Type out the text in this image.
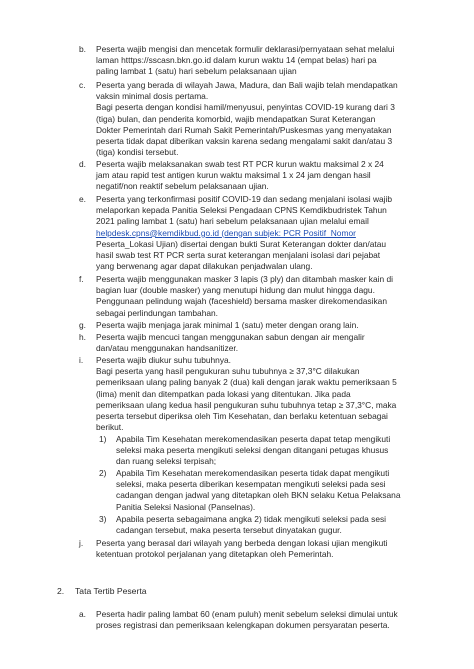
b. Peserta wajib mengisi dan mencetak formulir deklarasi/pernyataan sehat melalui
laman htttps://sscasn.bkn.go.id dalam kurun waktu 14 (empat belas) hari pa
paling lambat 1 (satu) hari sebelum pelaksanaan ujian
c. Peserta yang berada di wilayah Jawa, Madura, dan Bali wajib telah mendapatkan
vaksin minimal dosis pertama.
Bagi peserta dengan kondisi hamil/menyusui, penyintas COVID-19 kurang dari 3
(tiga) bulan, dan penderita komorbid, wajib mendapatkan Surat Keterangan
Dokter Pemerintah dari Rumah Sakit Pemerintah/Puskesmas yang menyatakan
peserta tidak dapat diberikan vaksin karena sedang mengalami sakit dan/atau 3
(tiga) kondisi tersebut.
d. Peserta wajib melaksanakan swab test RT PCR kurun waktu maksimal 2 x 24
jam atau rapid test antigen kurun waktu maksimal 1 x 24 jam dengan hasil
negatif/non reaktif sebelum pelaksanaan ujian.
e. Peserta yang terkonfirmasi positif COVID-19 dan sedang menjalani isolasi wajib
melaporkan kepada Panitia Seleksi Pengadaan CPNS Kemdikbudristek Tahun
2021 paling lambat 1 (satu) hari sebelum pelaksanaan ujian melalui email
helpdesk.cpns@kemdikbud.go.id (dengan subjek: PCR Positif_Nomor
Peserta_Lokasi Ujian) disertai dengan bukti Surat Keterangan dokter dan/atau
hasil swab test RT PCR serta surat keterangan menjalani isolasi dari pejabat
yang berwenang agar dapat dilakukan penjadwalan ulang.
f. Peserta wajib menggunakan masker 3 lapis (3 ply) dan ditambah masker kain di
bagian luar (double masker) yang menutupi hidung dan mulut hingga dagu.
Penggunaan pelindung wajah (faceshield) bersama masker direkomendasikan
sebagai perlindungan tambahan.
g. Peserta wajib menjaga jarak minimal 1 (satu) meter dengan orang lain.
h. Peserta wajib mencuci tangan menggunakan sabun dengan air mengalir
dan/atau menggunakan handsanitizer.
i. Peserta wajib diukur suhu tubuhnya.
Bagi peserta yang hasil pengukuran suhu tubuhnya ≥ 37,3°C dilakukan
pemeriksaan ulang paling banyak 2 (dua) kali dengan jarak waktu pemeriksaan 5
(lima) menit dan ditempatkan pada lokasi yang ditentukan. Jika pada
pemeriksaan ulang kedua hasil pengukuran suhu tubuhnya tetap ≥ 37,3°C, maka
peserta tersebut diperiksa oleh Tim Kesehatan, dan berlaku ketentuan sebagai
berikut.
1) Apabila Tim Kesehatan merekomendasikan peserta dapat tetap mengikuti
seleksi maka peserta mengikuti seleksi dengan ditangani petugas khusus
dan ruang seleksi terpisah;
2) Apabila Tim Kesehatan merekomendasikan peserta tidak dapat mengikuti
seleksi, maka peserta diberikan kesempatan mengikuti seleksi pada sesi
cadangan dengan jadwal yang ditetapkan oleh BKN selaku Ketua Pelaksana
Panitia Seleksi Nasional (Panselnas).
3) Apabila peserta sebagaimana angka 2) tidak mengikuti seleksi pada sesi
cadangan tersebut, maka peserta tersebut dinyatakan gugur.
j. Peserta yang berasal dari wilayah yang berbeda dengan lokasi ujian mengikuti
ketentuan protokol perjalanan yang ditetapkan oleh Pemerintah.
2. Tata Tertib Peserta
a. Peserta hadir paling lambat 60 (enam puluh) menit sebelum seleksi dimulai untuk
proses registrasi dan pemeriksaan kelengkapan dokumen persyaratan peserta.
